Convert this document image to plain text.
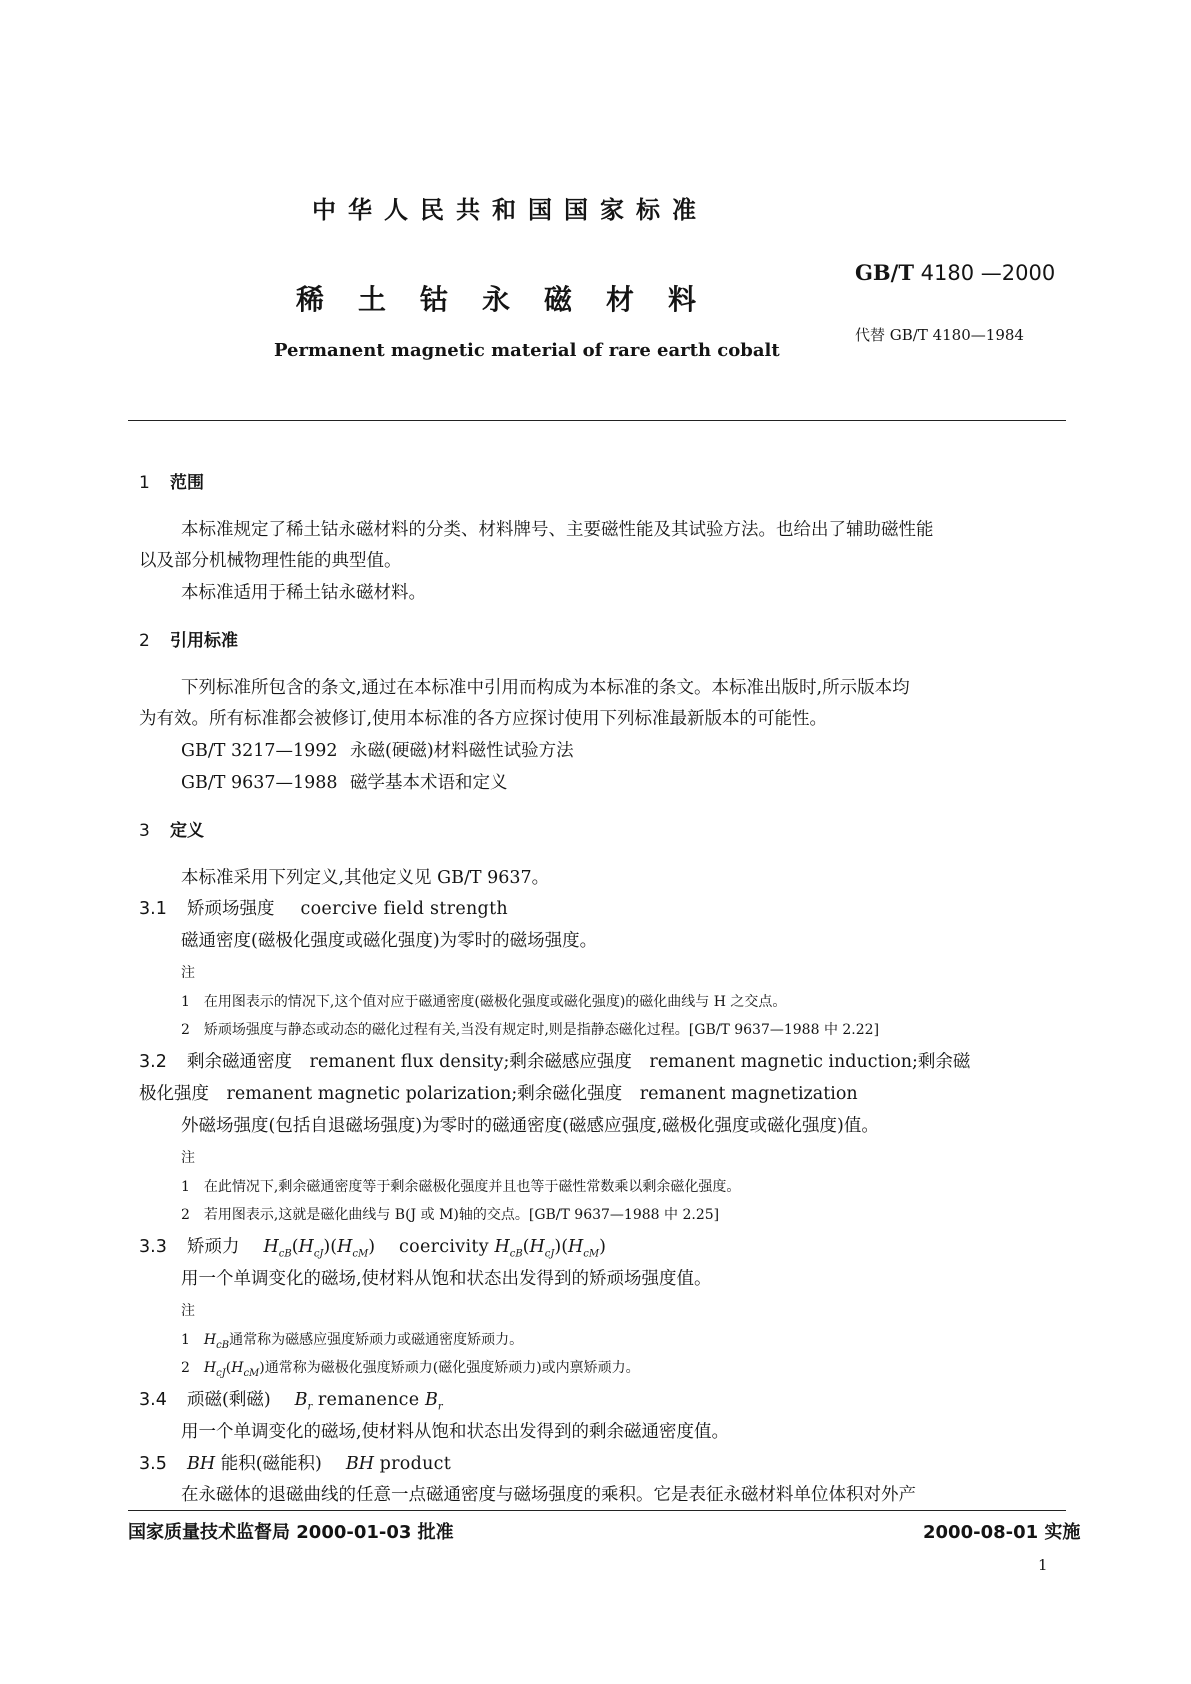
中华人民共和国国家标准
稀土钴永磁材料
Permanent magnetic material of rare earth cobalt
GB/T 4180 —2000
代替 GB/T 4180—1984
1 范围
本标准规定了稀土钴永磁材料的分类、材料牌号、主要磁性能及其试验方法。也给出了辅助磁性能
以及部分机械物理性能的典型值。
本标准适用于稀土钴永磁材料。
2 引用标准
下列标准所包含的条文,通过在本标准中引用而构成为本标准的条文。本标准出版时,所示版本均
为有效。所有标准都会被修订,使用本标准的各方应探讨使用下列标准最新版本的可能性。
GB/T 3217—1992 永磁(硬磁)材料磁性试验方法
GB/T 9637—1988 磁学基本术语和定义
3 定义
本标准采用下列定义,其他定义见 GB/T 9637。
3.1 矫顽场强度 coercive field strength
磁通密度(磁极化强度或磁化强度)为零时的磁场强度。
注
1　在用图表示的情况下,这个值对应于磁通密度(磁极化强度或磁化强度)的磁化曲线与 H 之交点。
2　矫顽场强度与静态或动态的磁化过程有关,当没有规定时,则是指静态磁化过程。[GB/T 9637—1988 中 2.22]
3.2 剩余磁通密度　remanent flux density;剩余磁感应强度　remanent magnetic induction;剩余磁
极化强度　remanent magnetic polarization;剩余磁化强度　remanent magnetization
外磁场强度(包括自退磁场强度)为零时的磁通密度(磁感应强度,磁极化强度或磁化强度)值。
注
1　在此情况下,剩余磁通密度等于剩余磁极化强度并且也等于磁性常数乘以剩余磁化强度。
2　若用图表示,这就是磁化曲线与 B(J 或 M)轴的交点。[GB/T 9637—1988 中 2.25]
3.3 矫顽力 $H_{cB}(H_{cJ})(H_{cM})$ coercivity $H_{cB}(H_{cJ})(H_{cM})$
用一个单调变化的磁场,使材料从饱和状态出发得到的矫顽场强度值。
注
1　$H_{cB}$通常称为磁感应强度矫顽力或磁通密度矫顽力。
2　$H_{cJ}(H_{cM})$通常称为磁极化强度矫顽力(磁化强度矫顽力)或内禀矫顽力。
3.4 顽磁(剩磁) $B_r$ remanence $B_r$
用一个单调变化的磁场,使材料从饱和状态出发得到的剩余磁通密度值。
3.5 BH 能积(磁能积) BH product
在永磁体的退磁曲线的任意一点磁通密度与磁场强度的乘积。它是表征永磁材料单位体积对外产
国家质量技术监督局 2000-01-03 批准	2000-08-01 实施
1
